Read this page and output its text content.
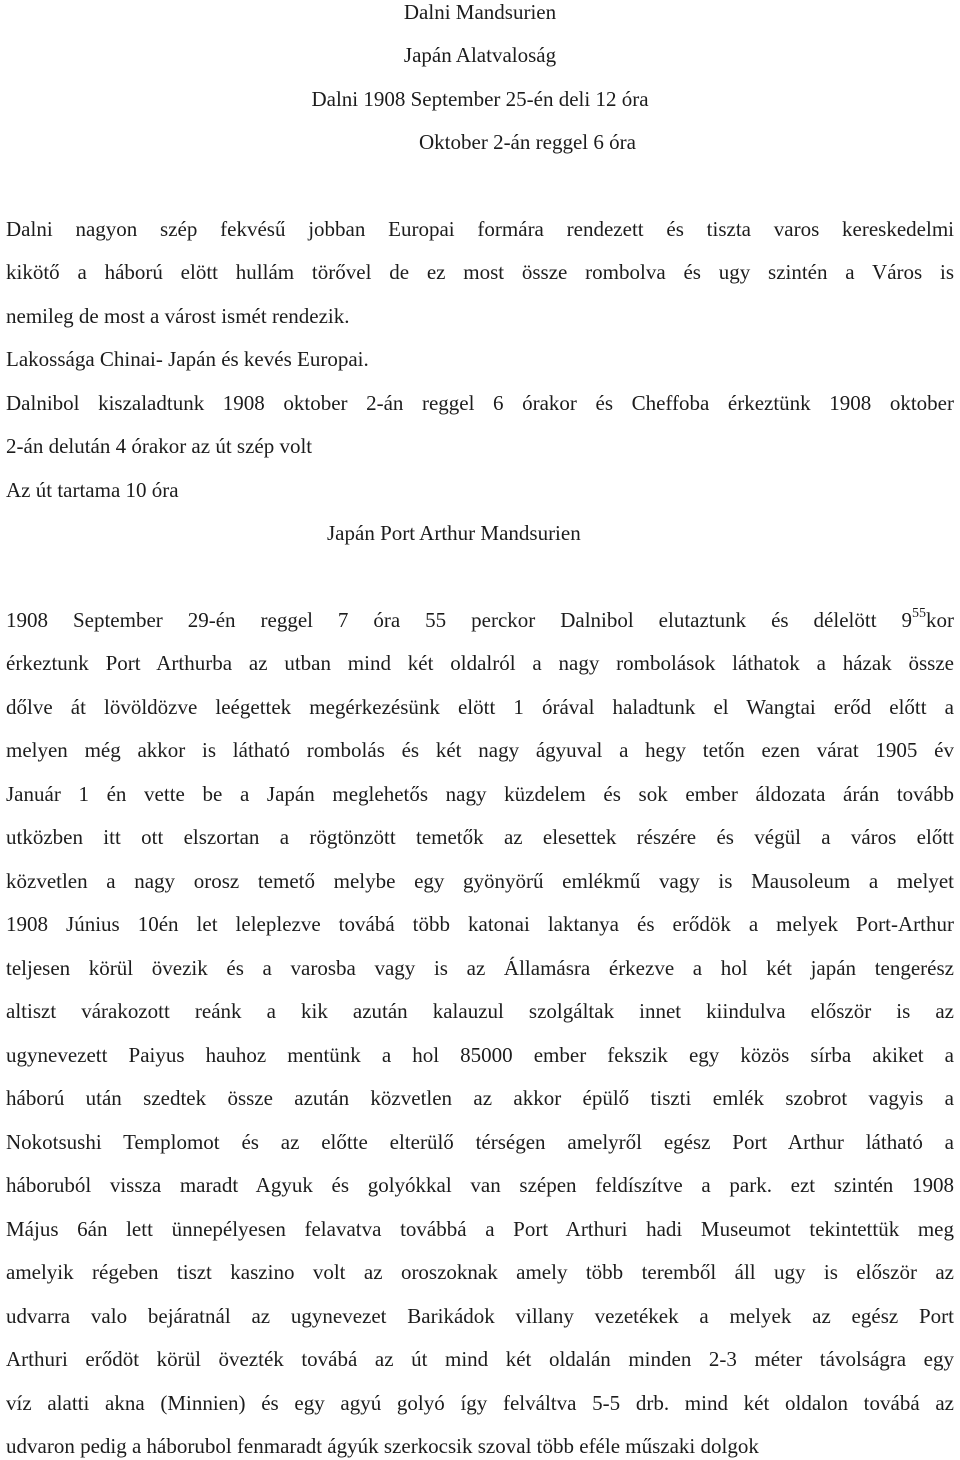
Dalni Mandsurien
Japán Alatvaloság
Dalni 1908 September 25-én deli 12 óra
Oktober 2-án reggel 6 óra
Dalni nagyon szép fekvésű jobban Europai formára rendezett és tiszta varos kereskedelmi
kikötő a háború elött hullám törővel de ez most össze rombolva és ugy szintén a Város is
nemileg de most a várost ismét rendezik.
Lakossága Chinai- Japán és kevés Europai.
Dalnibol kiszaladtunk 1908 oktober 2-án reggel 6 órakor és Cheffoba érkeztünk 1908 oktober
2-án delután 4 órakor az út szép volt
Az út tartama 10 óra
Japán Port Arthur Mandsurien
1908 September 29-én reggel 7 óra 55 perckor Dalnibol elutaztunk és délelött $9^{55}kor$
érkeztunk Port Arthurba az utban mind két oldalról a nagy rombolások láthatok a házak össze
dőlve át lövöldözve leégettek megérkezésünk elött 1 órával haladtunk el Wangtai erőd előtt a
melyen még akkor is látható rombolás és két nagy ágyuval a hegy tetőn ezen várat 1905 év
Január 1 én vette be a Japán meglehetős nagy küzdelem és sok ember áldozata árán tovább
utközben itt ott elszortan a rögtönzött temetők az elesettek részére és végül a város előtt
közvetlen a nagy orosz temető melybe egy gyönyörű emlékmű vagy is Mausoleum a melyet
1908 Június 10én let leleplezve továbá több katonai laktanya és erődök a melyek Port-Arthur
teljesen körül övezik és a varosba vagy is az Államásra érkezve a hol két japán tengerész
altiszt várakozott reánk a kik azután kalauzul szolgáltak innet kiindulva először is az
ugynevezett Paiyus hauhoz mentünk a hol 85000 ember fekszik egy közös sírba akiket a
háború után szedtek össze azután közvetlen az akkor épülő tiszti emlék szobrot vagyis a
Nokotsushi Templomot és az előtte elterülő térségen amelyről egész Port Arthur látható a
háboruból vissza maradt Agyuk és golyókkal van szépen feldíszítve a park. ezt szintén 1908
Május 6án lett ünnepélyesen felavatva továbbá a Port Arthuri hadi Museumot tekintettük meg
amelyik régeben tiszt kaszino volt az oroszoknak amely több teremből áll ugy is először az
udvarra valo bejáratnál az ugynevezet Barikádok villany vezetékek a melyek az egész Port
Arthuri erődöt körül övezték továbá az út mind két oldalán minden 2-3 méter távolságra egy
víz alatti akna (Minnien) és egy agyú golyó így felváltva 5-5 drb. mind két oldalon továbá az
udvaron pedig a háborubol fenmaradt ágyúk szerkocsik szoval több eféle műszaki dolgok
